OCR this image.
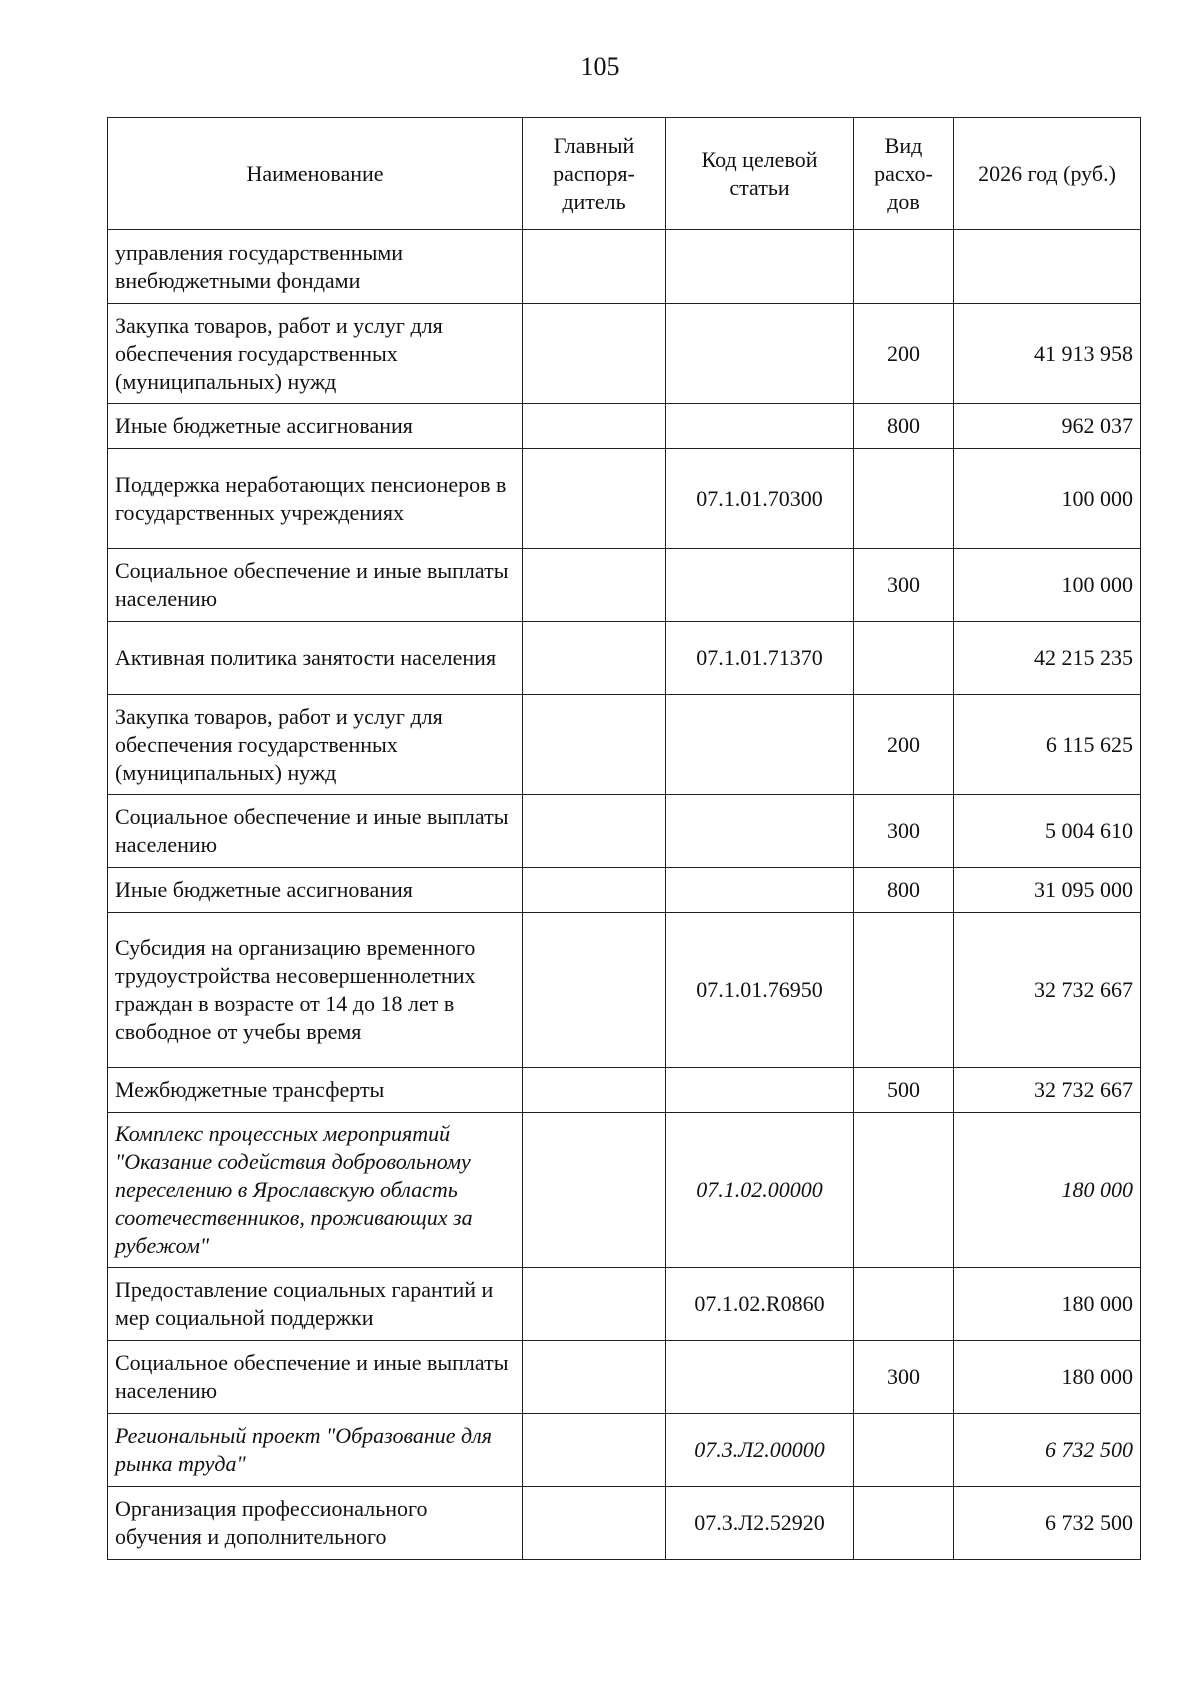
105
Наименование	Главный распоря-дитель	Код целевой статьи	Вид расхо-дов	2026 год (руб.)
управления государственными внебюджетными фондами				
Закупка товаров, работ и услуг для обеспечения государственных (муниципальных) нужд			200	41 913 958
Иные бюджетные ассигнования			800	962 037
Поддержка неработающих пенсионеров в государственных учреждениях		07.1.01.70300		100 000
Социальное обеспечение и иные выплаты населению			300	100 000
Активная политика занятости населения		07.1.01.71370		42 215 235
Закупка товаров, работ и услуг для обеспечения государственных (муниципальных) нужд			200	6 115 625
Социальное обеспечение и иные выплаты населению			300	5 004 610
Иные бюджетные ассигнования			800	31 095 000
Субсидия на организацию временного трудоустройства несовершеннолетних граждан в возрасте от 14 до 18 лет в свободное от учебы время		07.1.01.76950		32 732 667
Межбюджетные трансферты			500	32 732 667
Комплекс процессных мероприятий "Оказание содействия добровольному переселению в Ярославскую область соотечественников, проживающих за рубежом"		07.1.02.00000		180 000
Предоставление социальных гарантий и мер социальной поддержки		07.1.02.R0860		180 000
Социальное обеспечение и иные выплаты населению			300	180 000
Региональный проект "Образование для рынка труда"		07.3.Л2.00000		6 732 500
Организация профессионального обучения и дополнительного		07.3.Л2.52920		6 732 500
